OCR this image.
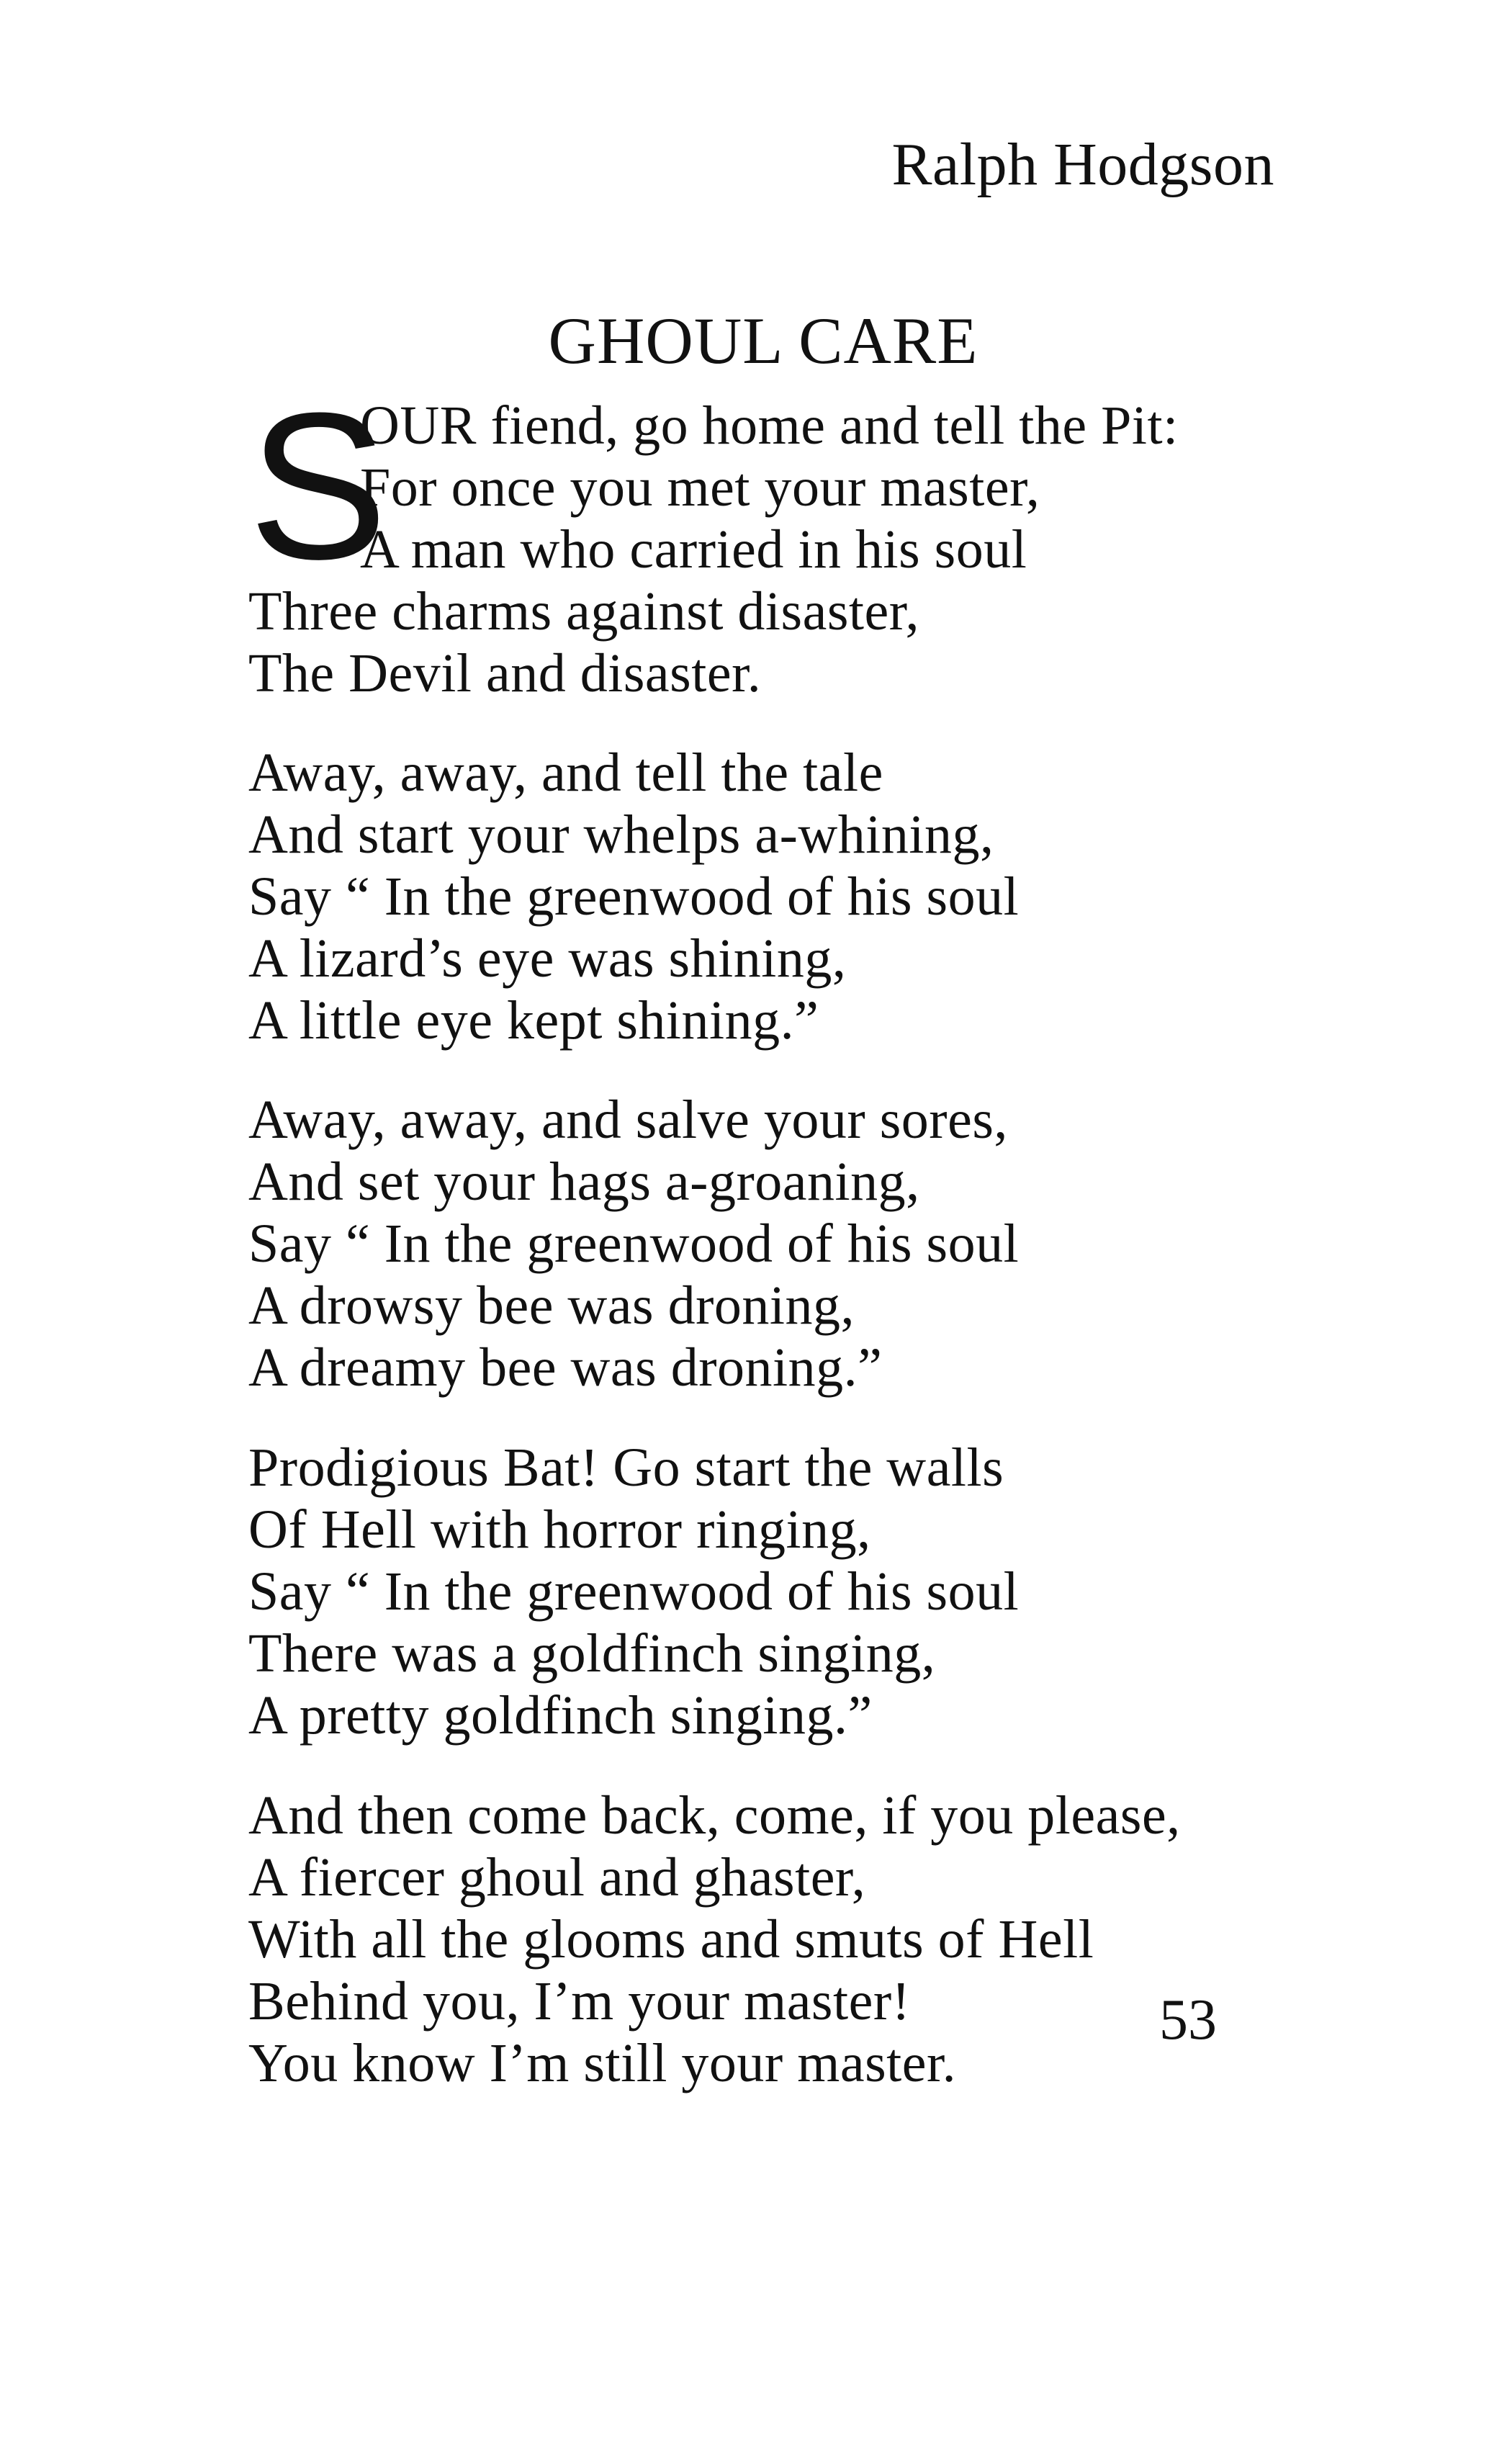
Ralph Hodgson
GHOUL CARE
S
OUR fiend, go home and tell the Pit:
For once you met your master,
A man who carried in his soul
Three charms against disaster,
The Devil and disaster.
Away, away, and tell the tale
And start your whelps a-whining,
Say “ In the greenwood of his soul
A lizard’s eye was shining,
A little eye kept shining.”
Away, away, and salve your sores,
And set your hags a-groaning,
Say “ In the greenwood of his soul
A drowsy bee was droning,
A dreamy bee was droning.”
Prodigious Bat! Go start the walls
Of Hell with horror ringing,
Say “ In the greenwood of his soul
There was a goldfinch singing,
A pretty goldfinch singing.”
And then come back, come, if you please,
A fiercer ghoul and ghaster,
With all the glooms and smuts of Hell
Behind you, I’m your master!
You know I’m still your master.
53
